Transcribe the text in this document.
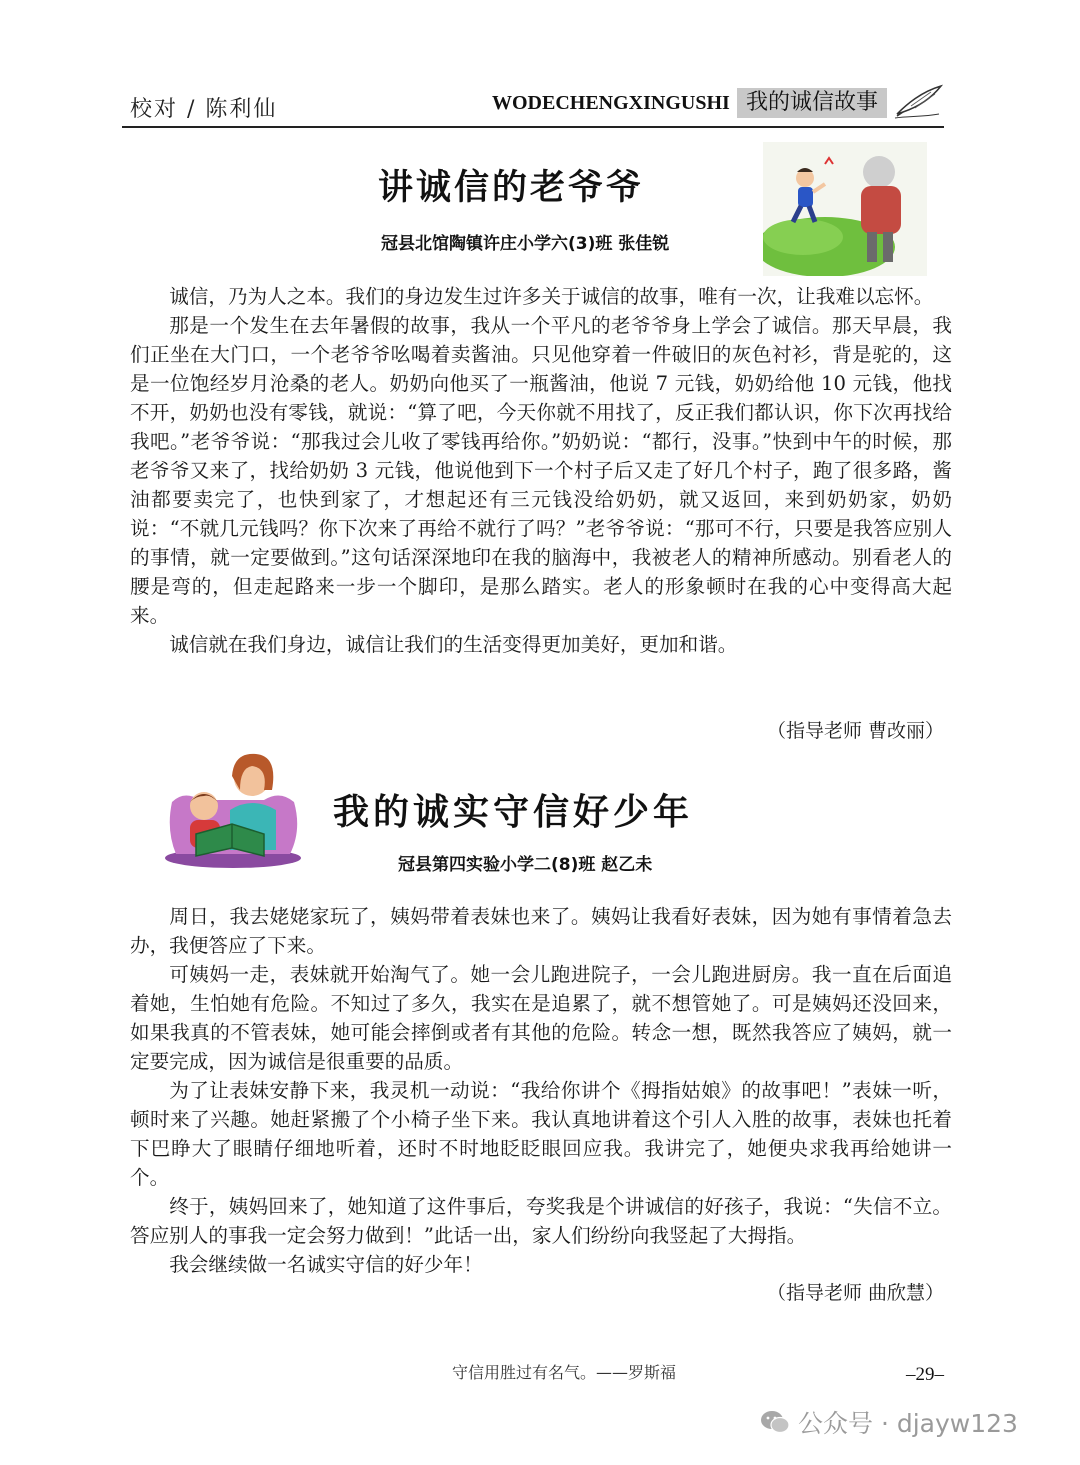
校对 / 陈利仙	WODECHENGXINGUSHI 我的诚信故事
讲诚信的老爷爷
冠县北馆陶镇许庄小学六(3)班 张佳锐

诚信，乃为人之本。我们的身边发生过许多关于诚信的故事，唯有一次，让我难以忘怀。

那是一个发生在去年暑假的故事，我从一个平凡的老爷爷身上学会了诚信。那天早晨，我们正坐在大门口，一个老爷爷吆喝着卖酱油。只见他穿着一件破旧的灰色衬衫，背是驼的，这是一位饱经岁月沧桑的老人。奶奶向他买了一瓶酱油，他说 7 元钱，奶奶给他 10 元钱，他找不开，奶奶也没有零钱，就说：“算了吧，今天你就不用找了，反正我们都认识，你下次再找给我吧。”老爷爷说：“那我过会儿收了零钱再给你。”奶奶说：“都行，没事。”快到中午的时候，那老爷爷又来了，找给奶奶 3 元钱，他说他到下一个村子后又走了好几个村子，跑了很多路，酱油都要卖完了，也快到家了，才想起还有三元钱没给奶奶，就又返回，来到奶奶家，奶奶说：“不就几元钱吗？你下次来了再给不就行了吗？”老爷爷说：“那可不行，只要是我答应别人的事情，就一定要做到。”这句话深深地印在我的脑海中，我被老人的精神所感动。别看老人的腰是弯的，但走起路来一步一个脚印，是那么踏实。老人的形象顿时在我的心中变得高大起来。

诚信就在我们身边，诚信让我们的生活变得更加美好，更加和谐。

（指导老师 曹改丽）
我的诚实守信好少年
冠县第四实验小学二(8)班 赵乙未

周日，我去姥姥家玩了，姨妈带着表妹也来了。姨妈让我看好表妹，因为她有事情着急去办，我便答应了下来。

可姨妈一走，表妹就开始淘气了。她一会儿跑进院子，一会儿跑进厨房。我一直在后面追着她，生怕她有危险。不知过了多久，我实在是追累了，就不想管她了。可是姨妈还没回来，如果我真的不管表妹，她可能会摔倒或者有其他的危险。转念一想，既然我答应了姨妈，就一定要完成，因为诚信是很重要的品质。

为了让表妹安静下来，我灵机一动说：“我给你讲个《拇指姑娘》的故事吧！”表妹一听，顿时来了兴趣。她赶紧搬了个小椅子坐下来。我认真地讲着这个引人入胜的故事，表妹也托着下巴睁大了眼睛仔细地听着，还时不时地眨眨眼回应我。我讲完了，她便央求我再给她讲一个。

终于，姨妈回来了，她知道了这件事后，夸奖我是个讲诚信的好孩子，我说：“失信不立。答应别人的事我一定会努力做到！”此话一出，家人们纷纷向我竖起了大拇指。

我会继续做一名诚实守信的好少年！

（指导老师 曲欣慧）
守信用胜过有名气。——罗斯福	–29–
公众号 · djayw123
